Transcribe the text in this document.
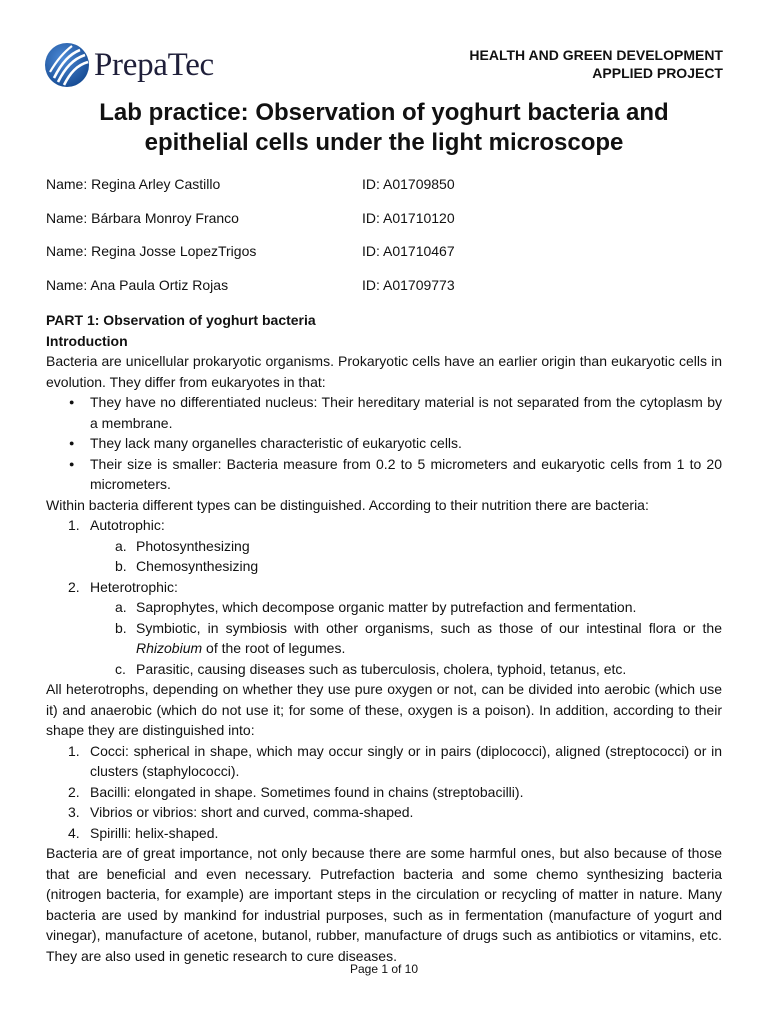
PrepaTec	HEALTH AND GREEN DEVELOPMENT
APPLIED PROJECT
Lab practice: Observation of yoghurt bacteria and
epithelial cells under the light microscope
Name: Regina Arley Castillo	ID: A01709850
Name: Bárbara Monroy Franco	ID: A01710120
Name: Regina Josse LopezTrigos	ID: A01710467
Name: Ana Paula Ortiz Rojas	ID: A01709773

PART 1: Observation of yoghurt bacteria

Introduction

Bacteria are unicellular prokaryotic organisms. Prokaryotic cells have an earlier origin than eukaryotic cells in evolution. They differ from eukaryotes in that:

● They have no differentiated nucleus: Their hereditary material is not separated from the cytoplasm by a membrane.
● They lack many organelles characteristic of eukaryotic cells.
● Their size is smaller: Bacteria measure from 0.2 to 5 micrometers and eukaryotic cells from 1 to 20 micrometers.

Within bacteria different types can be distinguished. According to their nutrition there are bacteria:

1. Autotrophic:
a. Photosynthesizing
b. Chemosynthesizing
2. Heterotrophic:
a. Saprophytes, which decompose organic matter by putrefaction and fermentation.
b. Symbiotic, in symbiosis with other organisms, such as those of our intestinal flora or the Rhizobium of the root of legumes.
c. Parasitic, causing diseases such as tuberculosis, cholera, typhoid, tetanus, etc.

All heterotrophs, depending on whether they use pure oxygen or not, can be divided into aerobic (which use it) and anaerobic (which do not use it; for some of these, oxygen is a poison). In addition, according to their shape they are distinguished into:

1. Cocci: spherical in shape, which may occur singly or in pairs (diplococci), aligned (streptococci) or in clusters (staphylococci).
2. Bacilli: elongated in shape. Sometimes found in chains (streptobacilli).
3. Vibrios or vibrios: short and curved, comma-shaped.
4. Spirilli: helix-shaped.

Bacteria are of great importance, not only because there are some harmful ones, but also because of those that are beneficial and even necessary. Putrefaction bacteria and some chemo synthesizing bacteria (nitrogen bacteria, for example) are important steps in the circulation or recycling of matter in nature. Many bacteria are used by mankind for industrial purposes, such as in fermentation (manufacture of yogurt and vinegar), manufacture of acetone, butanol, rubber, manufacture of drugs such as antibiotics or vitamins, etc. They are also used in genetic research to cure diseases.

Page 1 of 10
